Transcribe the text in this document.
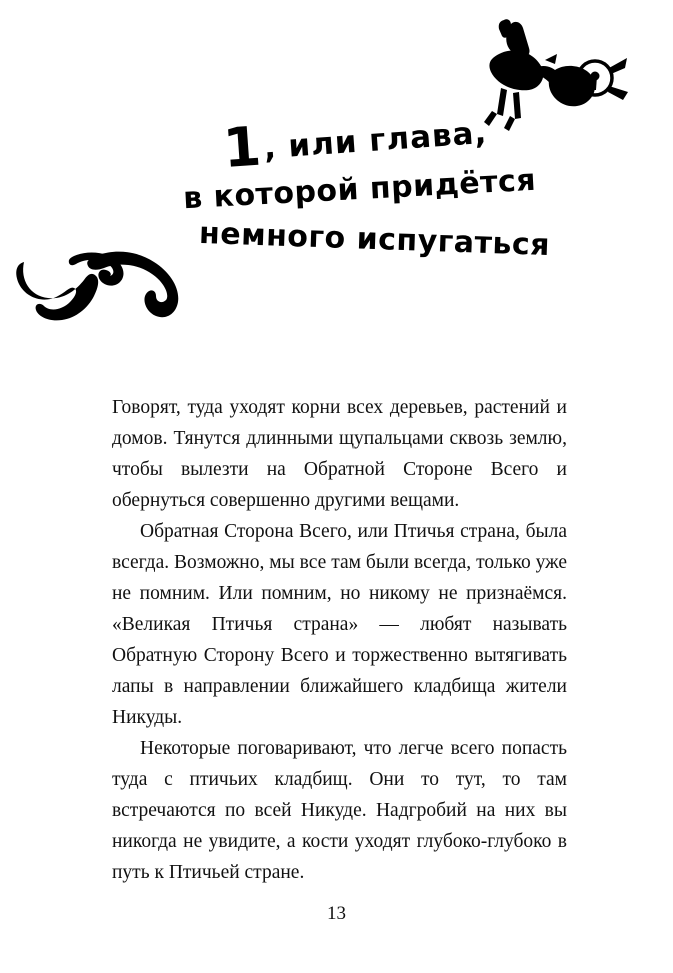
1, или глава,
в которой придётся
немного испугаться

Говорят, туда уходят корни всех деревьев, растений и домов. Тянутся длинными щупальцами сквозь землю, чтобы вылезти на Обратной Стороне Всего и обернуться совершенно другими вещами.

Обратная Сторона Всего, или Птичья страна, была всегда. Возможно, мы все там были всегда, только уже не помним. Или помним, но никому не признаёмся. «Великая Птичья страна» — любят называть Обратную Сторону Всего и торжественно вытягивать лапы в направлении ближайшего кладбища жители Никуды.

Некоторые поговаривают, что легче всего попасть туда с птичьих кладбищ. Они то тут, то там встречаются по всей Никуде. Надгробий на них вы никогда не увидите, а кости уходят глубоко-глубоко в путь к Птичьей стране.

13
